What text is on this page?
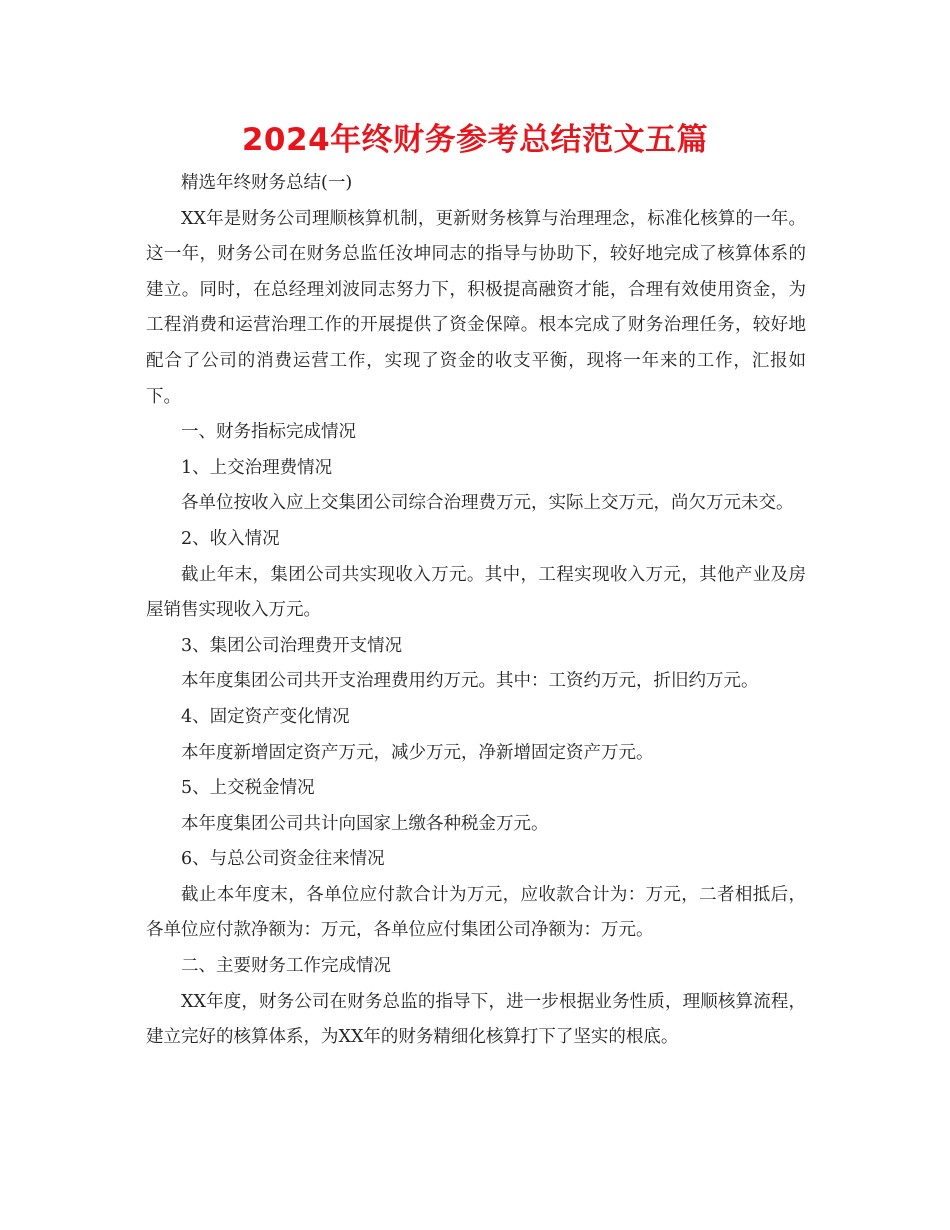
2024年终财务参考总结范文五篇

精选年终财务总结(一)

XX年是财务公司理顺核算机制，更新财务核算与治理理念，标准化核算的一年。这一年，财务公司在财务总监任汝坤同志的指导与协助下，较好地完成了核算体系的建立。同时，在总经理刘波同志努力下，积极提高融资才能，合理有效使用资金，为工程消费和运营治理工作的开展提供了资金保障。根本完成了财务治理任务，较好地配合了公司的消费运营工作，实现了资金的收支平衡，现将一年来的工作，汇报如下。

一、财务指标完成情况

1、上交治理费情况

各单位按收入应上交集团公司综合治理费万元，实际上交万元，尚欠万元未交。

2、收入情况

截止年末，集团公司共实现收入万元。其中，工程实现收入万元，其他产业及房屋销售实现收入万元。

3、集团公司治理费开支情况

本年度集团公司共开支治理费用约万元。其中：工资约万元，折旧约万元。

4、固定资产变化情况

本年度新增固定资产万元，减少万元，净新增固定资产万元。

5、上交税金情况

本年度集团公司共计向国家上缴各种税金万元。

6、与总公司资金往来情况

截止本年度末，各单位应付款合计为万元，应收款合计为：万元，二者相抵后，各单位应付款净额为：万元，各单位应付集团公司净额为：万元。

二、主要财务工作完成情况

XX年度，财务公司在财务总监的指导下，进一步根据业务性质，理顺核算流程，建立完好的核算体系，为XX年的财务精细化核算打下了坚实的根底。
